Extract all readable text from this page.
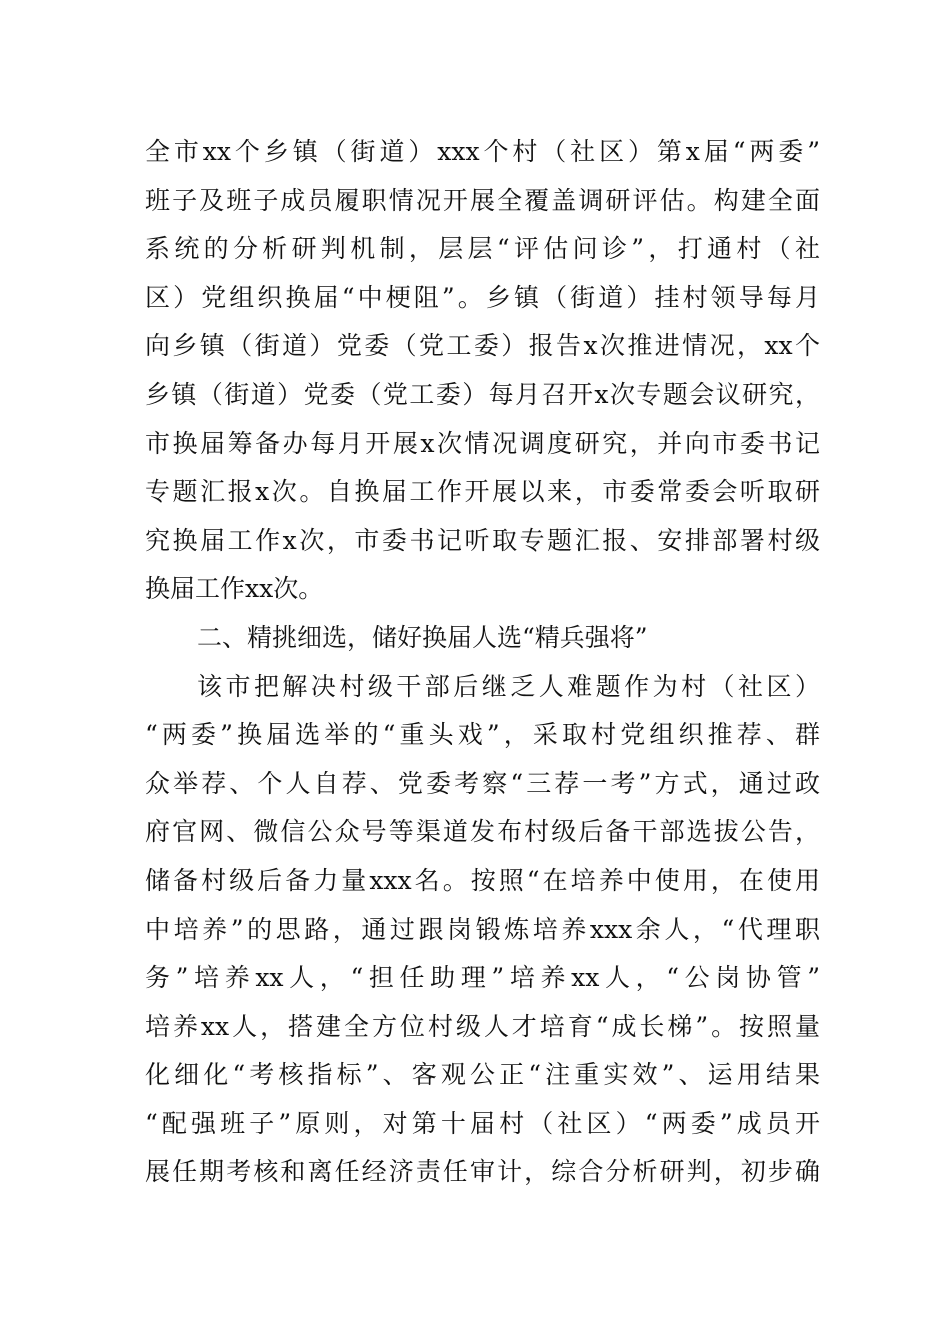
全市xx个乡镇（街道）xxx个村（社区）第x届“两委”
班子及班子成员履职情况开展全覆盖调研评估。构建全面
系统的分析研判机制，层层“评估问诊”，打通村（社
区）党组织换届“中梗阻”。乡镇（街道）挂村领导每月
向乡镇（街道）党委（党工委）报告x次推进情况，xx个
乡镇（街道）党委（党工委）每月召开x次专题会议研究，
市换届筹备办每月开展x次情况调度研究，并向市委书记
专题汇报x次。自换届工作开展以来，市委常委会听取研
究换届工作x次，市委书记听取专题汇报、安排部署村级
换届工作xx次。
二、精挑细选，储好换届人选“精兵强将”
该市把解决村级干部后继乏人难题作为村（社区）
“两委”换届选举的“重头戏”，采取村党组织推荐、群
众举荐、个人自荐、党委考察“三荐一考”方式，通过政
府官网、微信公众号等渠道发布村级后备干部选拔公告，
储备村级后备力量xxx名。按照“在培养中使用，在使用
中培养”的思路，通过跟岗锻炼培养xxx余人，“代理职
务”培养xx人，“担任助理”培养xx人，“公岗协管”
培养xx人，搭建全方位村级人才培育“成长梯”。按照量
化细化“考核指标”、客观公正“注重实效”、运用结果
“配强班子”原则，对第十届村（社区）“两委”成员开
展任期考核和离任经济责任审计，综合分析研判，初步确
